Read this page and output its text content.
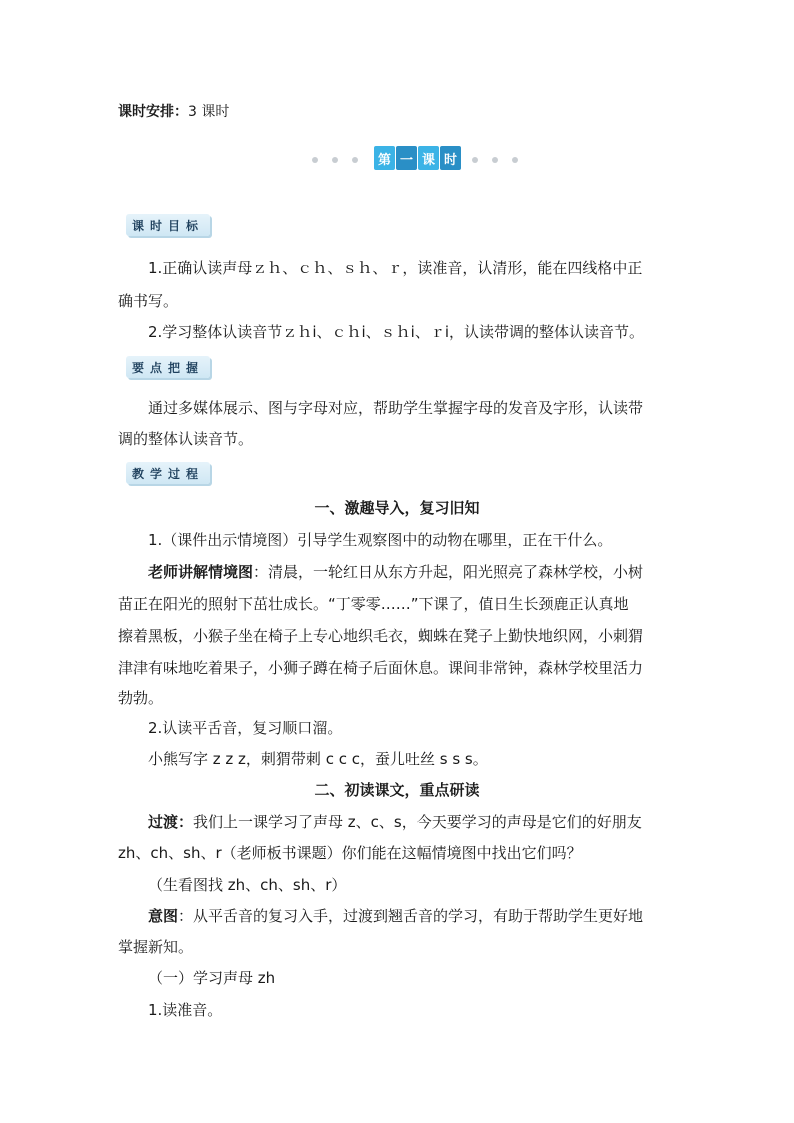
课时安排：3 课时
第 一 课 时
课时目标
1.正确认读声母ｚｈ、ｃｈ、ｓｈ、ｒ，读准音，认清形，能在四线格中正
确书写。
2.学习整体认读音节ｚｈi、ｃｈi、ｓｈi、ｒi，认读带调的整体认读音节。
要点把握
通过多媒体展示、图与字母对应，帮助学生掌握字母的发音及字形，认读带
调的整体认读音节。
教学过程
一、激趣导入，复习旧知
1.（课件出示情境图）引导学生观察图中的动物在哪里，正在干什么。
老师讲解情境图：清晨，一轮红日从东方升起，阳光照亮了森林学校，小树
苗正在阳光的照射下茁壮成长。“丁零零……”下课了，值日生长颈鹿正认真地
擦着黑板，小猴子坐在椅子上专心地织毛衣，蜘蛛在凳子上勤快地织网，小刺猬
津津有味地吃着果子，小狮子蹲在椅子后面休息。课间非常钟，森林学校里活力
勃勃。
2.认读平舌音，复习顺口溜。
小熊写字 z z z，刺猬带刺 c c c，蚕儿吐丝 s s s。
二、初读课文，重点研读
过渡：我们上一课学习了声母 z、c、s，今天要学习的声母是它们的好朋友
zh、ch、sh、r（老师板书课题）你们能在这幅情境图中找出它们吗？
（生看图找 zh、ch、sh、r）
意图：从平舌音的复习入手，过渡到翘舌音的学习，有助于帮助学生更好地
掌握新知。
（一）学习声母 zh
1.读准音。
